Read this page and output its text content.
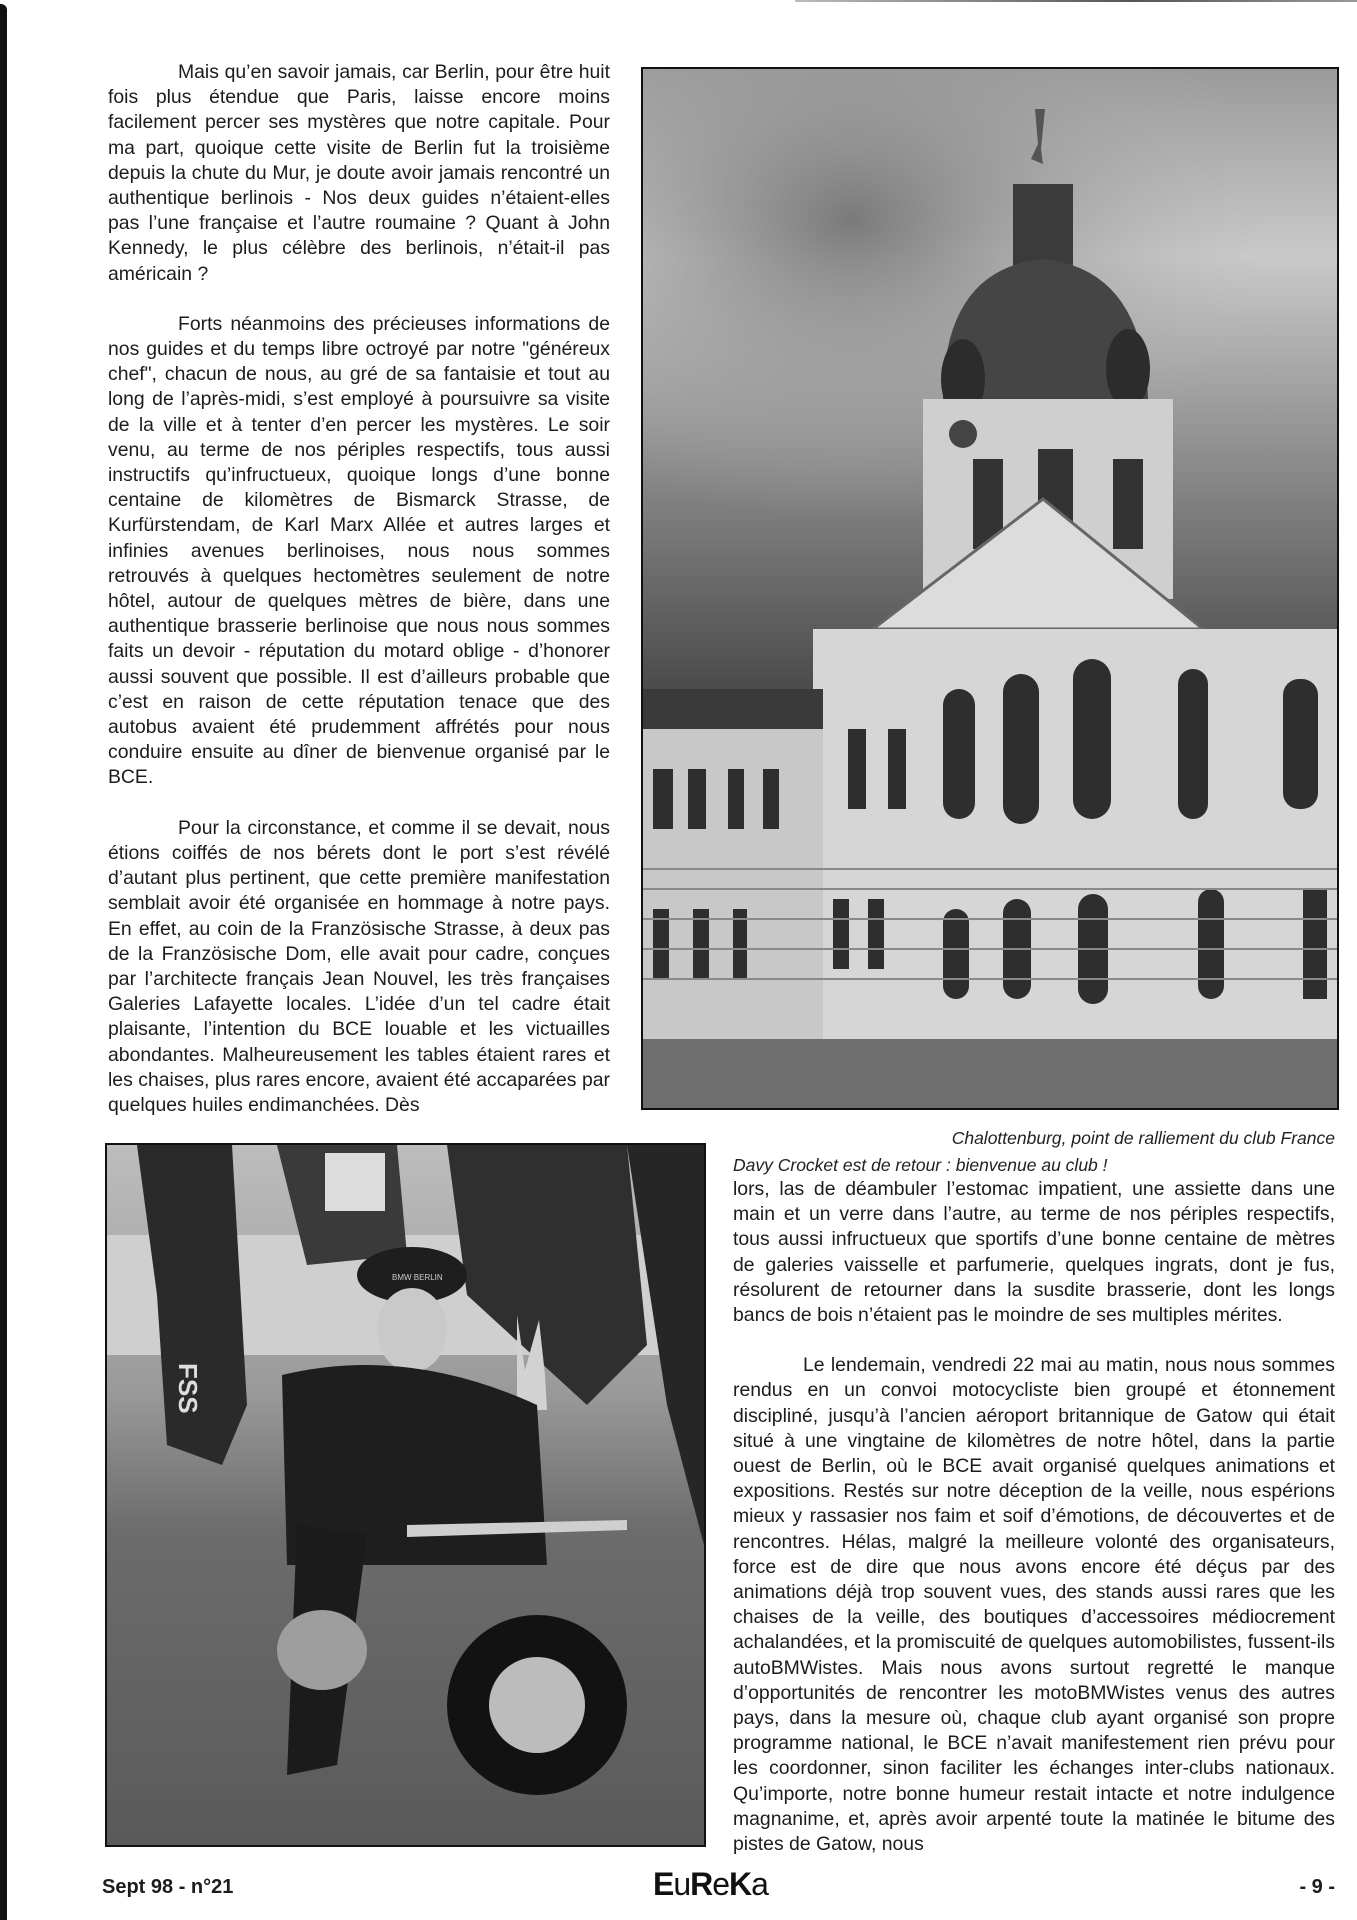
Mais qu’en savoir jamais, car Berlin, pour être huit fois plus étendue que Paris, laisse encore moins facilement percer ses mystères que notre capitale. Pour ma part, quoique cette visite de Berlin fut la troisième depuis la chute du Mur, je doute avoir jamais rencontré un authentique berlinois - Nos deux guides n’étaient-elles pas l’une française et l’autre roumaine ? Quant à John Kennedy, le plus célèbre des berlinois, n’était-il pas américain ?

Forts néanmoins des précieuses informations de nos guides et du temps libre octroyé par notre "généreux chef", chacun de nous, au gré de sa fantaisie et tout au long de l’après-midi, s’est employé à poursuivre sa visite de la ville et à tenter d’en percer les mystères. Le soir venu, au terme de nos périples respectifs, tous aussi instructifs qu’infructueux, quoique longs d’une bonne centaine de kilomètres de Bismarck Strasse, de Kurfürstendam, de Karl Marx Allée et autres larges et infinies avenues berlinoises, nous nous sommes retrouvés à quelques hectomètres seulement de notre hôtel, autour de quelques mètres de bière, dans une authentique brasserie berlinoise que nous nous sommes faits un devoir - réputation du motard oblige - d’honorer aussi souvent que possible. Il est d’ailleurs probable que c’est en raison de cette réputation tenace que des autobus avaient été prudemment affrétés pour nous conduire ensuite au dîner de bienvenue organisé par le BCE.

Pour la circonstance, et comme il se devait, nous étions coiffés de nos bérets dont le port s’est révélé d’autant plus pertinent, que cette première manifestation semblait avoir été organisée en hommage à notre pays. En effet, au coin de la Französische Strasse, à deux pas de la Französische Dom, elle avait pour cadre, conçues par l’architecte français Jean Nouvel, les très françaises Galeries Lafayette locales. L’idée d’un tel cadre était plaisante, l’intention du BCE louable et les victuailles abondantes. Malheureusement les tables étaient rares et les chaises, plus rares encore, avaient été accaparées par quelques huiles endimanchées. Dès

Chalottenburg, point de ralliement du club France
FSS
BMW BERLIN
Davy Crocket est de retour : bienvenue au club !

lors, las de déambuler l’estomac impatient, une assiette dans une main et un verre dans l’autre, au terme de nos périples respectifs, tous aussi infructueux que sportifs d’une bonne centaine de mètres de galeries vaisselle et parfumerie, quelques ingrats, dont je fus, résolurent de retourner dans la susdite brasserie, dont les longs bancs de bois n’étaient pas le moindre de ses multiples mérites.

Le lendemain, vendredi 22 mai au matin, nous nous sommes rendus en un convoi motocycliste bien groupé et étonnement discipliné, jusqu’à l’ancien aéroport britannique de Gatow qui était situé à une vingtaine de kilomètres de notre hôtel, dans la partie ouest de Berlin, où le BCE avait organisé quelques animations et expositions. Restés sur notre déception de la veille, nous espérions mieux y rassasier nos faim et soif d’émotions, de découvertes et de rencontres. Hélas, malgré la meilleure volonté des organisateurs, force est de dire que nous avons encore été déçus par des animations déjà trop souvent vues, des stands aussi rares que les chaises de la veille, des boutiques d’accessoires médiocrement achalandées, et la promiscuité de quelques automobilistes, fussent-ils autoBMWistes. Mais nous avons surtout regretté le manque d’opportunités de rencontrer les motoBMWistes venus des autres pays, dans la mesure où, chaque club ayant organisé son propre programme national, le BCE n’avait manifestement rien prévu pour les coordonner, sinon faciliter les échanges inter-clubs nationaux. Qu’importe, notre bonne humeur restait intacte et notre indulgence magnanime, et, après avoir arpenté toute la matinée le bitume des pistes de Gatow, nous

Sept 98 - n°21	EuReKa	- 9 -
